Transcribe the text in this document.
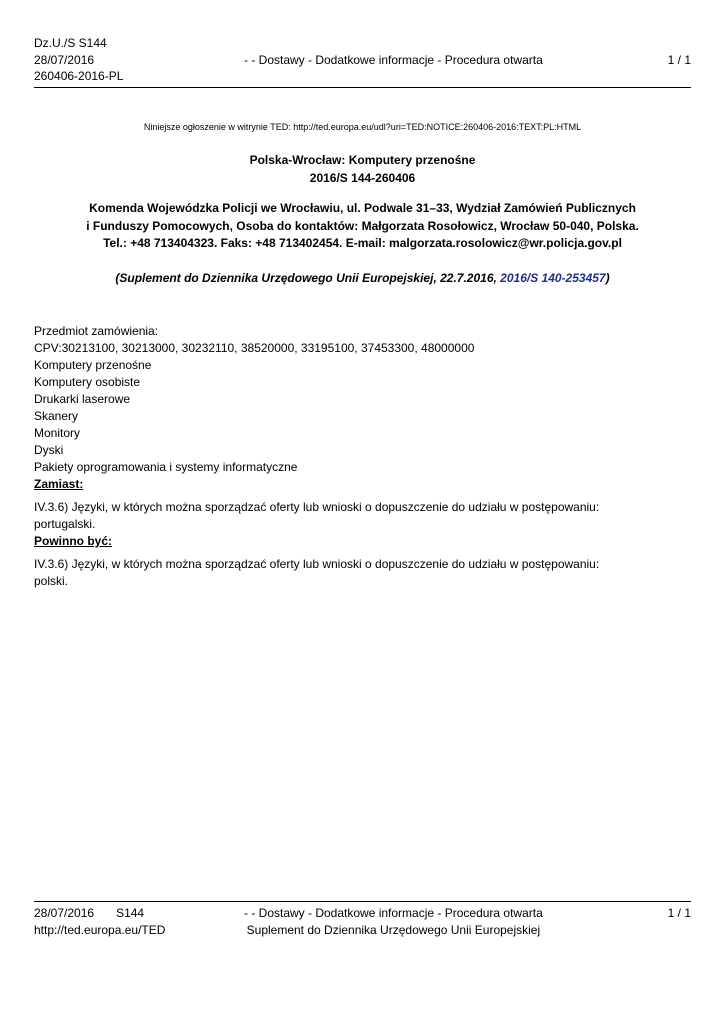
Dz.U./S S144
28/07/2016
260406-2016-PL
- - Dostawy - Dodatkowe informacje - Procedura otwarta	1 / 1
Niniejsze ogłoszenie w witrynie TED: http://ted.europa.eu/udl?uri=TED:NOTICE:260406-2016:TEXT:PL:HTML
Polska-Wrocław: Komputery przenośne
2016/S 144-260406
Komenda Wojewódzka Policji we Wrocławiu, ul. Podwale 31–33, Wydział Zamówień Publicznych
i Funduszy Pomocowych, Osoba do kontaktów: Małgorzata Rosołowicz, Wrocław 50-040, Polska.
Tel.: +48 713404323. Faks: +48 713402454. E-mail: malgorzata.rosolowicz@wr.policja.gov.pl
(Suplement do Dziennika Urzędowego Unii Europejskiej, 22.7.2016, 2016/S 140-253457)
Przedmiot zamówienia:
CPV:30213100, 30213000, 30232110, 38520000, 33195100, 37453300, 48000000
Komputery przenośne
Komputery osobiste
Drukarki laserowe
Skanery
Monitory
Dyski
Pakiety oprogramowania i systemy informatyczne
Zamiast:
IV.3.6) Języki, w których można sporządzać oferty lub wnioski o dopuszczenie do udziału w postępowaniu:
portugalski.
Powinno być:
IV.3.6) Języki, w których można sporządzać oferty lub wnioski o dopuszczenie do udziału w postępowaniu:
polski.
28/07/2016 S144
http://ted.europa.eu/TED
- - Dostawy - Dodatkowe informacje - Procedura otwarta
Suplement do Dziennika Urzędowego Unii Europejskiej
1 / 1
